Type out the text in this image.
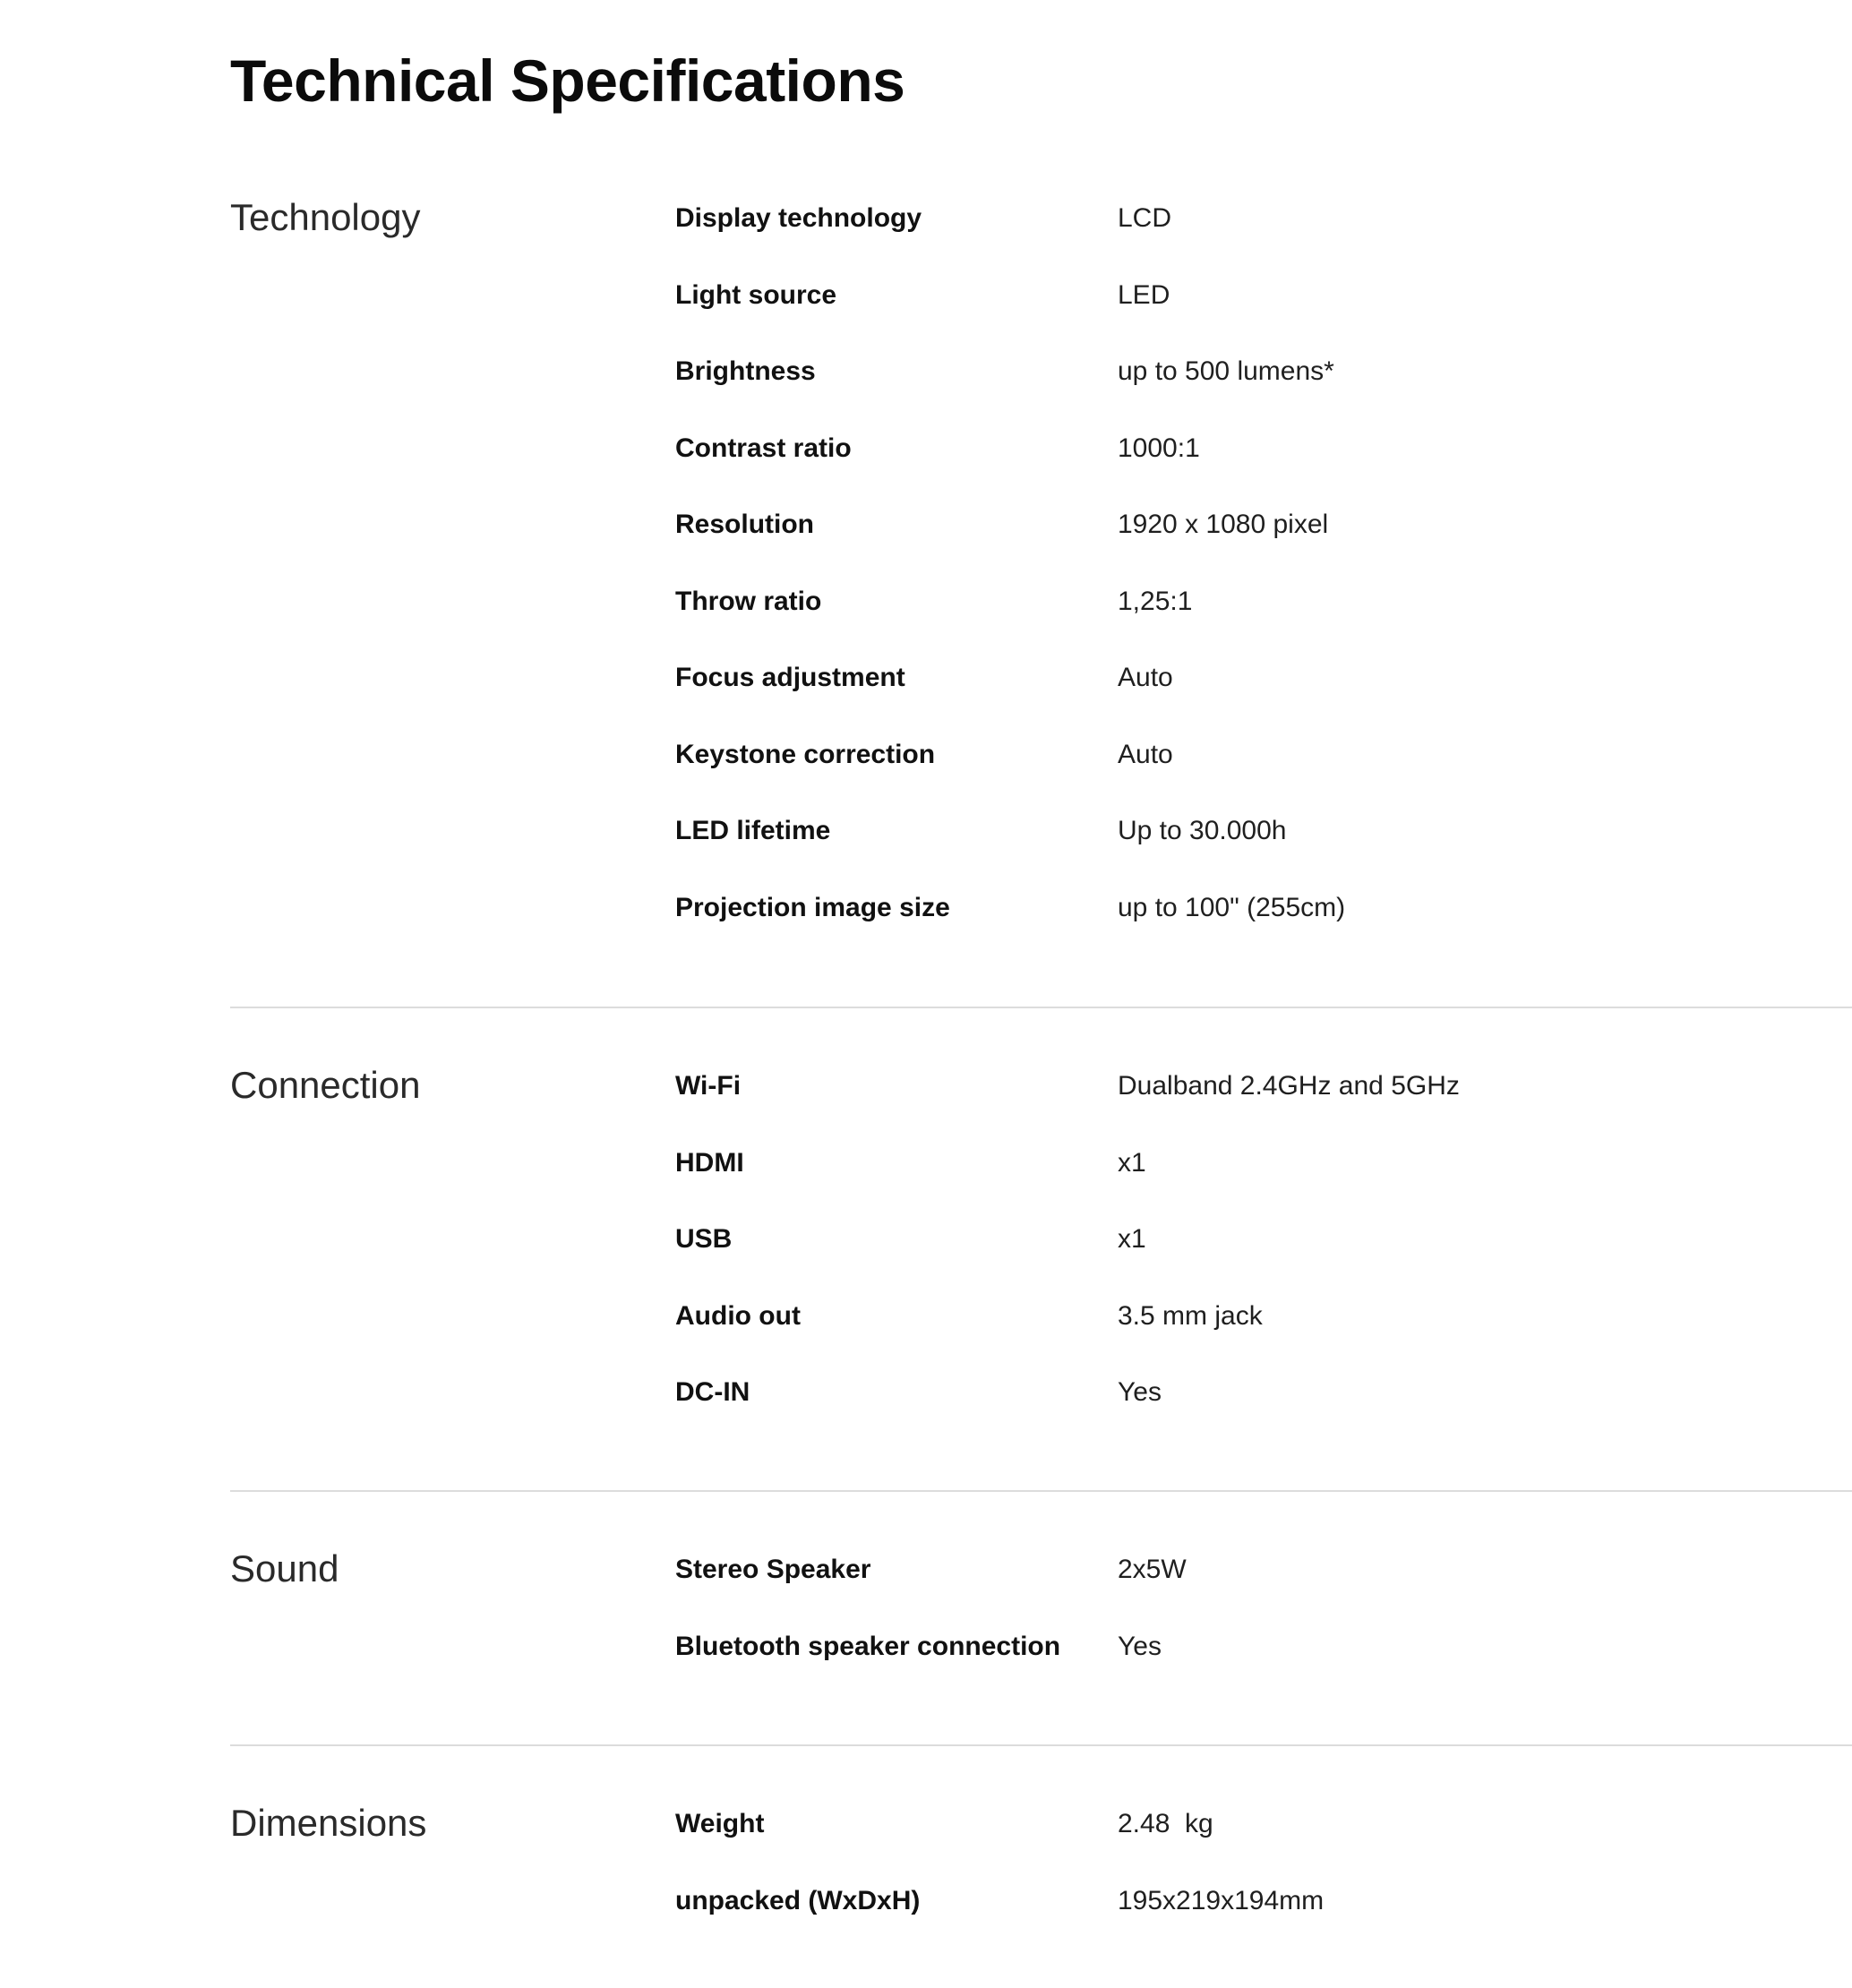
Technical Specifications
Technology	Display technology	LCD
Light source	LED
Brightness	up to 500 lumens*
Contrast ratio	1000:1
Resolution	1920 x 1080 pixel
Throw ratio	1,25:1
Focus adjustment	Auto
Keystone correction	Auto
LED lifetime	Up to 30.000h
Projection image size	up to 100" (255cm)
Connection	Wi-Fi	Dualband 2.4GHz and 5GHz
HDMI	x1
USB	x1
Audio out	3.5 mm jack
DC-IN	Yes
Sound	Stereo Speaker	2x5W
Bluetooth speaker connection Yes
Dimensions	Weight	2.48  kg
unpacked (WxDxH)	195x219x194mm
